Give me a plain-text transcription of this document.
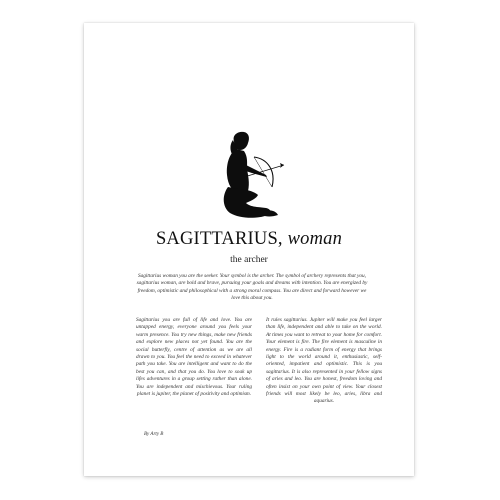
SAGITTARIUS, woman
the archer

Sagittarius woman you are the seeker. Your symbol is the archer. The symbol of archery represents that you, sagittarius woman, are bold and brave, pursuing your goals and dreams with intention. You are energized by freedom, optimistic and philosophical with a strong moral compass. You are direct and forward however we love this about you.

Sagittarius you are full of life and love. You are untapped energy, everyone around you feels your warm presence. You try new things, make new friends and explore new places not yet found. You are the social butterfly, centre of attention as we are all drawn to you. You feel the need to exceed in whatever path you take. You are intelligent and want to do the best you can, and that you do. You love to soak up lifes adventures in a group setting rather than alone. You are independent and mischievous. Your ruling planet is jupiter, the planet of positivity and optimism.

It rules sagittarius. Jupiter will make you feel larger than life, independent and able to take on the world. At times you want to retreat to your home for comfort. Your element is fire. The fire element is masculine in energy. Fire is a radiant form of energy that brings light to the world around it, enthusiastic, self-oriented, impatient and optimistic. This is you sagittarius. It is also represented in your fellow signs of aries and leo. You are honest, freedom loving and often insist on your own point of view. Your closest friends will most likely be leo, aries, libra and aquarius.

By Arty B
